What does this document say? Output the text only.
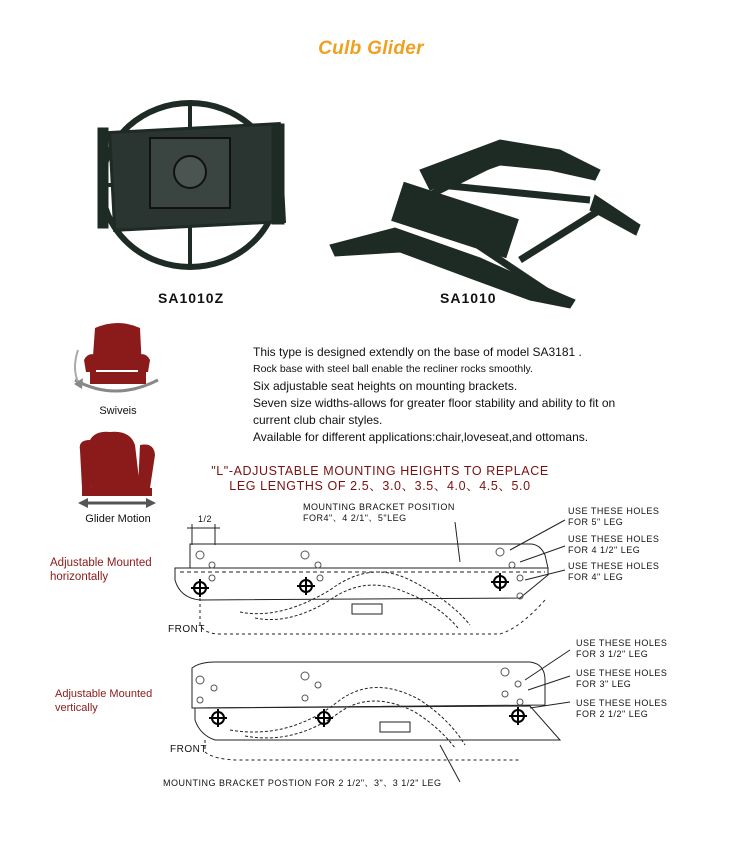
Culb Glider
SA1010Z	SA1010
Swiveis
Glider Motion
This type is designed extendly on the base of model SA3181 .
Rock base with steel ball enable the recliner rocks smoothly.
Six adjustable seat heights on mounting brackets.
Seven size widths-allows for greater floor stability and ability to fit on
current club chair styles.
Available for different applications:chair,loveseat,and ottomans.
"L"-ADJUSTABLE MOUNTING HEIGHTS TO REPLACE
LEG LENGTHS OF 2.5、3.0、3.5、4.0、4.5、5.0
1/2
MOUNTING BRACKET POSITION
FOR4"、4 2/1"、5"LEG
USE THESE HOLES
FOR 5" LEG
USE THESE HOLES
FOR 4 1/2" LEG
USE THESE HOLES
FOR 4" LEG
USE THESE HOLES
FOR 3 1/2" LEG
USE THESE HOLES
FOR 3" LEG
USE THESE HOLES
FOR 2 1/2" LEG
FRONT
FRONT
MOUNTING BRACKET POSTION FOR 2 1/2"、3"、3 1/2" LEG
Adjustable Mounted
horizontally
Adjustable Mounted
vertically
